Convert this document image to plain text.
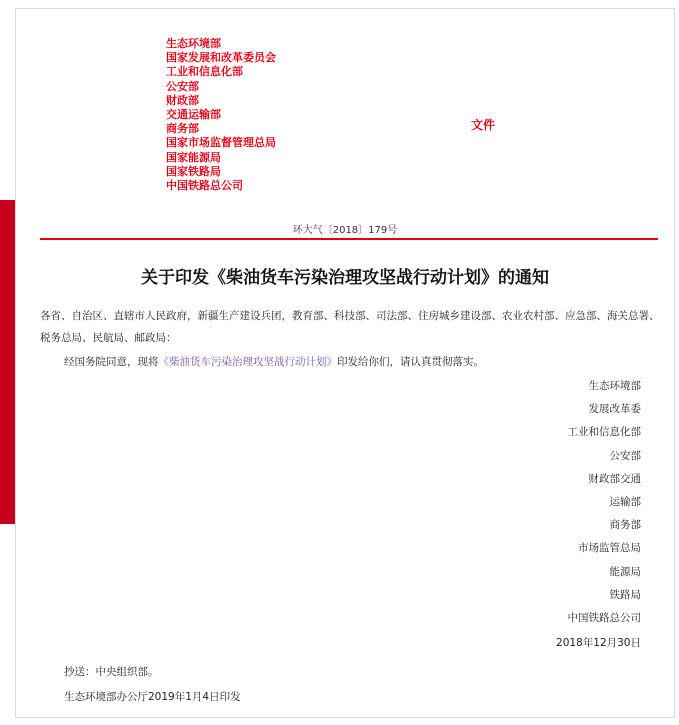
生态环境部
国家发展和改革委员会
工业和信息化部
公安部
财政部
交通运输部
商务部
国家市场监督管理总局
国家能源局
国家铁路局
中国铁路总公司
文件
环大气〔2018〕179号
关于印发《柴油货车污染治理攻坚战行动计划》的通知
各省、自治区、直辖市人民政府，新疆生产建设兵团，教育部、科技部、司法部、住房城乡建设部、农业农村部、应急部、海关总署、税务总局、民航局、邮政局：
经国务院同意，现将《柴油货车污染治理攻坚战行动计划》印发给你们，请认真贯彻落实。
生态环境部
发展改革委
工业和信息化部
公安部
财政部交通
运输部
商务部
市场监管总局
能源局
铁路局
中国铁路总公司
2018年12月30日
抄送：中央组织部。
生态环境部办公厅2019年1月4日印发
